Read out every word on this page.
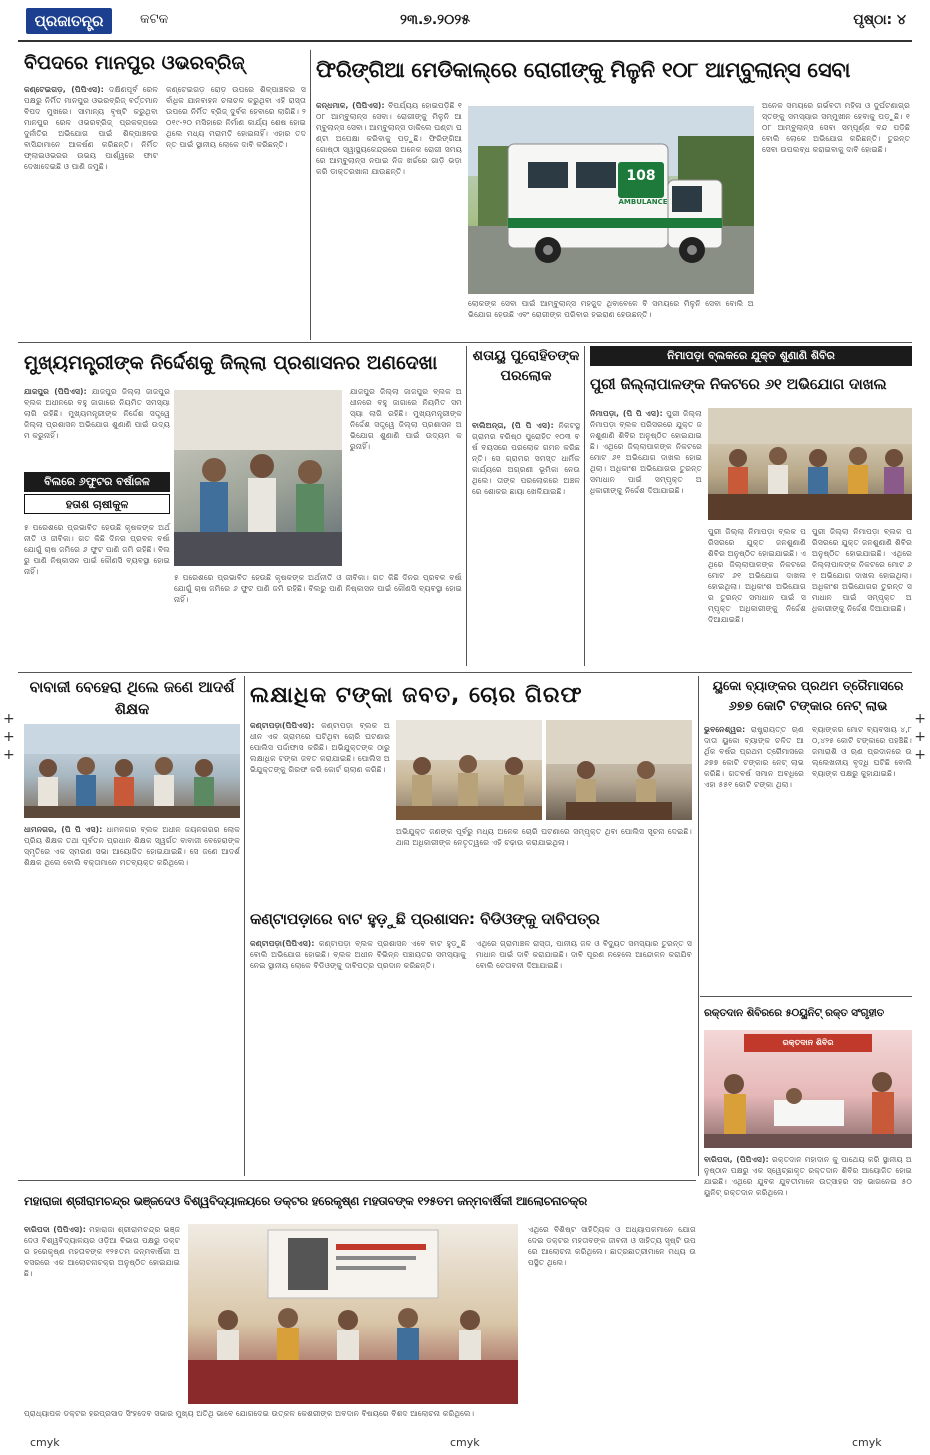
ପ୍ରଜାତନ୍ତ୍ର	କଟକ	୨୩.୭.୨୦୨୫	ପୃଷ୍ଠା: ୪
ବିପଦରେ ମାନପୁର ଓଭରବ୍ରିଜ୍
କଣ୍ଟେଇଗଡ଼, (ପିପିଏସ): ଦକ୍ଷିଣପୂର୍ବ ରେଳ ପକ୍ଷରୁ ନିର୍ମିତ ମାନପୁର ଓଭରବ୍ରିଜ୍ ବର୍ତ୍ତମାନ ବିପଦ ମୁଖରେ। ସାମାନ୍ୟ ବୃଷ୍ଟି କରୁଥିବା ମାନପୁର ରେଳ ଓଭରବ୍ରିଜ୍ ପ୍ରକଳ୍ପରେ ଦୁର୍ନୀତିର ଅଭିଯୋଗ ପାଇଁ ଶିଳ୍ପାଞ୍ଚଳର ବାସିନ୍ଦାମାନେ ଆକର୍ଷଣ କରିଛନ୍ତି। ନିର୍ମିତ ଫ୍ଲାଇଓଭରର ଉଭୟ ପାର୍ଶ୍ୱରେ ଫାଟ ଦେଖାଦେଇଛି ଓ ପାଣି ଜମୁଛି।
କଣ୍ଟେଇଗଡ଼ ରୋଡ଼ ଉପରେ ଶିଳ୍ପାଞ୍ଚଳର ସର୍ବାଧିକ ଯାନବାହନ ଚଳାଚଳ କରୁଥିବା ଏହି ରାସ୍ତା ଉପରେ ନିର୍ମିତ ବ୍ରିଜ୍ ଦୁର୍ବଳ ହେବାରେ ଲାଗିଛି। ୨୦୧୯-୨୦ ମସିହାରେ ନିର୍ମାଣ କାର୍ଯ୍ୟ ଶେଷ ହୋଇଥିଲେ ମଧ୍ୟ ମରାମତି ହୋଇନାହିଁ। ଏହାର ତଦନ୍ତ ପାଇଁ ସ୍ଥାନୀୟ ଲୋକେ ଦାବି କରିଛନ୍ତି।
ଫିରିଙ୍ଗିଆ ମେଡିକାଲ୍‌ରେ ରୋଗୀଙ୍କୁ ମିଳୁନି ୧୦୮ ଆମ୍ବୁଲାନ୍ସ ସେବା
କନ୍ଧମାଳ, (ପିପିଏସ): ବିପର୍ଯ୍ୟୟ ହୋଇପଡ଼ିଛି ୧୦୮ ଆମ୍ବୁଲାନ୍ସ ସେବା। ରୋଗୀଙ୍କୁ ମିଳୁନି ଆମ୍ବୁଲାନ୍ସ ସେବା। ଆମ୍ବୁଲାନ୍ସ ଡାକିଲେ ଘଣ୍ଟା ଘଣ୍ଟା ଅପେକ୍ଷା କରିବାକୁ ପଡ଼ୁଛି। ଫିରିଙ୍ଗିଆ ଗୋଷ୍ଠୀ ସ୍ୱାସ୍ଥ୍ୟକେନ୍ଦ୍ରରେ ଅନେକ ରୋଗୀ ସମୟରେ ଆମ୍ବୁଲାନ୍ସ ନପାଇ ନିଜ ଖର୍ଚ୍ଚରେ ଗାଡ଼ି ଭଡ଼ା କରି ଡାକ୍ତରଖାନା ଯାଉଛନ୍ତି।	108
AMBULANCE
ଲୋକଙ୍କ ସେବା ପାଇଁ ଆମ୍ବୁଲାନ୍ସ ମହଜୁଦ ଥିବାବେଳେ ବି ସମୟରେ ମିଳୁନି ସେବା ବୋଲି ଅଭିଯୋଗ ହେଉଛି ଏବଂ ରୋଗୀଙ୍କ ପରିବାର ହଇରାଣ ହେଉଛନ୍ତି।
ଅନେକ ସମୟରେ ଗର୍ଭବତୀ ମହିଳା ଓ ଦୁର୍ଘଟଣାଗ୍ରସ୍ତଙ୍କୁ ସମସ୍ୟାର ସମ୍ମୁଖୀନ ହେବାକୁ ପଡ଼ୁଛି। ୧୦୮ ଆମ୍ବୁଲାନ୍ସ ସେବା ସମ୍ପୂର୍ଣ୍ଣ ବନ୍ଦ ପଡ଼ିଛି ବୋଲି ଲୋକେ ଅଭିଯୋଗ କରିଛନ୍ତି। ତୁରନ୍ତ ସେବା ଉପଲବ୍ଧ କରାଇବାକୁ ଦାବି ହୋଇଛି।
ମୁଖ୍ୟମନ୍ତ୍ରୀଙ୍କ ନିର୍ଦ୍ଦେଶକୁ ଜିଲ୍ଲା ପ୍ରଶାସନର ଅଣଦେଖା
ଯାଜପୁର (ପିପିଏସ): ଯାଜପୁର ଜିଲ୍ଲା ଜାଜପୁର ବ୍ଲକ ଅଧୀନରେ ବହୁ ଜାଗାରେ ନିୟମିତ ସମସ୍ୟା ଲାଗି ରହିଛି। ମୁଖ୍ୟମନ୍ତ୍ରୀଙ୍କ ନିର୍ଦ୍ଦେଶ ସତ୍ତ୍ୱେ ଜିଲ୍ଲା ପ୍ରଶାସନ ଅଭିଯୋଗ ଶୁଣାଣି ପାଇଁ ଉଦ୍ୟମ କରୁନାହିଁ।
ଯାଜପୁର ଜିଲ୍ଲା ଜାଜପୁର ବ୍ଲକ ଅଧୀନରେ ବହୁ ଜାଗାରେ ନିୟମିତ ସମସ୍ୟା ଲାଗି ରହିଛି। ମୁଖ୍ୟମନ୍ତ୍ରୀଙ୍କ ନିର୍ଦ୍ଦେଶ ସତ୍ତ୍ୱେ ଜିଲ୍ଲା ପ୍ରଶାସନ ଅଭିଯୋଗ ଶୁଣାଣି ପାଇଁ ଉଦ୍ୟମ କରୁନାହିଁ।
ବିଲରେ ୬ଫୁଟର ବର୍ଷାଜଳ
ହତାଶ ଚାଷୀକୁଳ
୫ ପରେଶରେ ପ୍ରଭାବିତ ହେଉଛି କୃଷକଙ୍କ ଅର୍ଥନୀତି ଓ ଜୀବିକା। ଗତ କିଛି ଦିନର ପ୍ରବଳ ବର୍ଷା ଯୋଗୁଁ ଚାଷ ଜମିରେ ୬ ଫୁଟ ପାଣି ଜମି ରହିଛି। ବିଲରୁ ପାଣି ନିଷ୍କାସନ ପାଇଁ କୌଣସି ବ୍ୟବସ୍ଥା ହୋଇନାହିଁ।
୫ ପରେଶରେ ପ୍ରଭାବିତ ହେଉଛି କୃଷକଙ୍କ ଅର୍ଥନୀତି ଓ ଜୀବିକା। ଗତ କିଛି ଦିନର ପ୍ରବଳ ବର୍ଷା ଯୋଗୁଁ ଚାଷ ଜମିରେ ୬ ଫୁଟ ପାଣି ଜମି ରହିଛି। ବିଲରୁ ପାଣି ନିଷ୍କାସନ ପାଇଁ କୌଣସି ବ୍ୟବସ୍ଥା ହୋଇନାହିଁ।
ଶତାୟୁ ପୁରୋହିତଙ୍କ ପରଲୋକ
ବାଲିଅନ୍ତା, (ପି ପି ଏସ): ନିକଟସ୍ଥ ଗ୍ରାମର ବରିଷ୍ଠ ପୁରୋହିତ ୧୦୩ ବର୍ଷ ବୟସରେ ପରଲୋକ ଗମନ କରିଛନ୍ତି। ସେ ଗ୍ରାମର ସମସ୍ତ ଧାର୍ମିକ କାର୍ଯ୍ୟରେ ଅଗ୍ରଣୀ ଭୂମିକା ନେଉଥିଲେ। ତାଙ୍କ ପରଲୋକରେ ଅଞ୍ଚଳରେ ଶୋକର ଛାୟା ଖେଳିଯାଇଛି।
ନିମାପଡ଼ା ବ୍ଲକରେ ଯୁକ୍ତ ଶୁଣାଣି ଶିବିର
ପୁରୀ ଜିଲ୍ଲାପାଳଙ୍କ ନିକଟରେ ୬୧ ଅଭିଯୋଗ ଦାଖଲ
ନିମାପଡ଼ା, (ପି ପି ଏସ): ପୁରୀ ଜିଲ୍ଲା ନିମାପଡ଼ା ବ୍ଲକ ପରିସରରେ ଯୁକ୍ତ ଜନଶୁଣାଣି ଶିବିର ଅନୁଷ୍ଠିତ ହୋଇଯାଇଛି। ଏଥିରେ ଜିଲ୍ଲାପାଳଙ୍କ ନିକଟରେ ମୋଟ ୬୧ ଅଭିଯୋଗ ଦାଖଲ ହୋଇଥିଲା। ଅଧିକାଂଶ ଅଭିଯୋଗର ତୁରନ୍ତ ସମାଧାନ ପାଇଁ ସମ୍ପୃକ୍ତ ଅଧିକାରୀଙ୍କୁ ନିର୍ଦ୍ଦେଶ ଦିଆଯାଇଛି।
ପୁରୀ ଜିଲ୍ଲା ନିମାପଡ଼ା ବ୍ଲକ ପରିସରରେ ଯୁକ୍ତ ଜନଶୁଣାଣି ଶିବିର ଅନୁଷ୍ଠିତ ହୋଇଯାଇଛି। ଏଥିରେ ଜିଲ୍ଲାପାଳଙ୍କ ନିକଟରେ ମୋଟ ୬୧ ଅଭିଯୋଗ ଦାଖଲ ହୋଇଥିଲା। ଅଧିକାଂଶ ଅଭିଯୋଗର ତୁରନ୍ତ ସମାଧାନ ପାଇଁ ସମ୍ପୃକ୍ତ ଅଧିକାରୀଙ୍କୁ ନିର୍ଦ୍ଦେଶ ଦିଆଯାଇଛି।
ପୁରୀ ଜିଲ୍ଲା ନିମାପଡ଼ା ବ୍ଲକ ପରିସରରେ ଯୁକ୍ତ ଜନଶୁଣାଣି ଶିବିର ଅନୁଷ୍ଠିତ ହୋଇଯାଇଛି। ଏଥିରେ ଜିଲ୍ଲାପାଳଙ୍କ ନିକଟରେ ମୋଟ ୬୧ ଅଭିଯୋଗ ଦାଖଲ ହୋଇଥିଲା। ଅଧିକାଂଶ ଅଭିଯୋଗର ତୁରନ୍ତ ସମାଧାନ ପାଇଁ ସମ୍ପୃକ୍ତ ଅଧିକାରୀଙ୍କୁ ନିର୍ଦ୍ଦେଶ ଦିଆଯାଇଛି।
ବାବାଜୀ ବେହେରା ଥିଲେ ଜଣେ ଆଦର୍ଶ ଶିକ୍ଷକ
ଧାମନଗର, (ପି ପି ଏସ): ଧାମନଗର ବ୍ଲକ ଅଧୀନ ଜୟନଗରର ଲୋକପ୍ରିୟ ଶିକ୍ଷକ ତଥା ପୂର୍ବତନ ପ୍ରଧାନ ଶିକ୍ଷକ ସ୍ୱର୍ଗତ ବାବାଜୀ ବେହେରାଙ୍କ ସ୍ମୃତିରେ ଏକ ସ୍ମରଣ ସଭା ଆୟୋଜିତ ହୋଇଯାଇଛି। ସେ ଜଣେ ଆଦର୍ଶ ଶିକ୍ଷକ ଥିଲେ ବୋଲି ବକ୍ତାମାନେ ମତବ୍ୟକ୍ତ କରିଥିଲେ।
ଲକ୍ଷାଧିକ ଟଙ୍କା ଜବତ, ଚୋର ଗିରଫ
କଣ୍ଟାପଡ଼ା(ପିପିଏସ): କଣ୍ଟାପଡ଼ା ବ୍ଲକ ଅଧୀନ ଏକ ଗ୍ରାମରେ ଘଟିଥିବା ଚୋରି ଘଟଣାର ପୋଲିସ ପର୍ଦ୍ଦାଫାସ କରିଛି। ଅଭିଯୁକ୍ତଙ୍କ ଠାରୁ ଲକ୍ଷାଧିକ ଟଙ୍କା ଜବତ କରାଯାଇଛି। ପୋଲିସ ଅଭିଯୁକ୍ତଙ୍କୁ ଗିରଫ କରି କୋର୍ଟ ଚାଲାଣ କରିଛି।
ଅଭିଯୁକ୍ତ ଜଣଙ୍କ ପୂର୍ବରୁ ମଧ୍ୟ ଅନେକ ଚୋରି ଘଟଣାରେ ସମ୍ପୃକ୍ତ ଥିବା ପୋଲିସ ସୂଚନା ଦେଇଛି। ଥାନା ଅଧିକାରୀଙ୍କ ନେତୃତ୍ୱରେ ଏହି ଚଢ଼ାଉ କରାଯାଇଥିଲା।
କଣ୍ଟାପଡ଼ାରେ ବାଟ ହୁଡ଼ୁଛି ପ୍ରଶାସନ: ବିଡିଓଙ୍କୁ ଦାବିପତ୍ର
କଣ୍ଟାପଡ଼ା(ପିପିଏସ): କଣ୍ଟାପଡ଼ା ବ୍ଲକ ପ୍ରଶାସନ ଏବେ ବାଟ ହୁଡ଼ୁଛି ବୋଲି ଅଭିଯୋଗ ହୋଇଛି। ବ୍ଲକ ଅଧୀନ ବିଭିନ୍ନ ପଞ୍ଚାୟତର ସମସ୍ୟାକୁ ନେଇ ସ୍ଥାନୀୟ ଲୋକେ ବିଡିଓଙ୍କୁ ଦାବିପତ୍ର ପ୍ରଦାନ କରିଛନ୍ତି।
ଏଥିରେ ଗ୍ରାମାଞ୍ଚଳ ରାସ୍ତା, ପାନୀୟ ଜଳ ଓ ବିଦ୍ୟୁତ ସମସ୍ୟାର ତୁରନ୍ତ ସମାଧାନ ପାଇଁ ଦାବି କରାଯାଇଛି। ଦାବି ପୂରଣ ନହେଲେ ଆନ୍ଦୋଳନ କରାଯିବ ବୋଲି ଚେତାବନୀ ଦିଆଯାଇଛି।
ୟୁକୋ ବ୍ୟାଙ୍କର ପ୍ରଥମ ତ୍ରୈମାସରେ
୬୭୭ କୋଟି ଟଙ୍କାର ନେଟ୍ ଲାଭ
ଭୁବନେଶ୍ୱର: ରାଷ୍ଟ୍ରାୟତ୍ତ ଋଣଦାତା ୟୁକୋ ବ୍ୟାଙ୍କ ଚଳିତ ଆର୍ଥିକ ବର୍ଷର ପ୍ରଥମ ତ୍ରୈମାସରେ ୬୭୭ କୋଟି ଟଙ୍କାର ନେଟ୍ ଲାଭ କରିଛି। ଗତବର୍ଷ ସମାନ ଅବଧିରେ ଏହା ୫୫୧ କୋଟି ଟଙ୍କା ଥିଲା।
ବ୍ୟାଙ୍କର ମୋଟ ବ୍ୟବସାୟ ୪,୮୦,୪୨୫ କୋଟି ଟଙ୍କାରେ ପହଞ୍ଚିଛି। ଜମାରାଶି ଓ ଋଣ ପ୍ରଦାନରେ ଉଲ୍ଲେଖନୀୟ ବୃଦ୍ଧି ଘଟିଛି ବୋଲି ବ୍ୟାଙ୍କ ପକ୍ଷରୁ କୁହାଯାଇଛି।
ରକ୍ତଦାନ ଶିବିରରେ ୫୦ୟୁନିଟ୍ ରକ୍ତ ସଂଗୃହୀତ
ରକ୍ତଦାନ ଶିବିର
ବାରିପଦା, (ପିପିଏସ): ରକ୍ତଦାନ ମହାଦାନ କୁ ପାଥେୟ କରି ସ୍ଥାନୀୟ ଅନୁଷ୍ଠାନ ପକ୍ଷରୁ ଏକ ସ୍ୱେଚ୍ଛାକୃତ ରକ୍ତଦାନ ଶିବିର ଆୟୋଜିତ ହୋଇଯାଇଛି। ଏଥିରେ ଯୁବକ ଯୁବତୀମାନେ ଉତ୍ସାହର ସହ ଭାଗନେଇ ୫୦ ୟୁନିଟ୍ ରକ୍ତଦାନ କରିଥିଲେ।
ମହାରାଜା ଶ୍ରୀରାମଚନ୍ଦ୍ର ଭଞ୍ଜଦେଓ ବିଶ୍ୱବିଦ୍ୟାଳୟରେ ଡକ୍ଟର ହରେକୃଷ୍ଣ ମହତାବଙ୍କ ୧୨୫ତମ ଜନ୍ମବାର୍ଷିକୀ ଆଲୋଚନାଚକ୍ର
ବାରିପଦା (ପିପିଏସ): ମହାରାଜା ଶ୍ରୀରାମଚନ୍ଦ୍ର ଭଞ୍ଜଦେଓ ବିଶ୍ୱବିଦ୍ୟାଳୟର ଓଡ଼ିଆ ବିଭାଗ ପକ୍ଷରୁ ଡକ୍ଟର ହରେକୃଷ୍ଣ ମହତାବଙ୍କ ୧୨୫ତମ ଜନ୍ମବାର୍ଷିକୀ ଅବସରରେ ଏକ ଆଲୋଚନାଚକ୍ର ଅନୁଷ୍ଠିତ ହୋଇଯାଇଛି।
ଏଥିରେ ବିଶିଷ୍ଟ ସାହିତ୍ୟିକ ଓ ଅଧ୍ୟାପକମାନେ ଯୋଗଦେଇ ଡକ୍ଟର ମହତାବଙ୍କ ଜୀବନୀ ଓ ସାହିତ୍ୟ ସୃଷ୍ଟି ଉପରେ ଆଲୋଚନା କରିଥିଲେ। ଛାତ୍ରଛାତ୍ରୀମାନେ ମଧ୍ୟ ଉପସ୍ଥିତ ଥିଲେ।
ପ୍ରାଧ୍ୟାପକ ଡକ୍ଟର ହରପ୍ରସାଦ ସିଂହଦେବ ସଭାର ମୁଖ୍ୟ ଅତିଥି ଭାବେ ଯୋଗଦେଇ ଉତ୍କଳ କେଶରୀଙ୍କ ଅବଦାନ ବିଷୟରେ ବିଶଦ ଆଲୋଚନା କରିଥିଲେ।
+
+
+
+
+
+
cmyk	cmyk	cmyk
